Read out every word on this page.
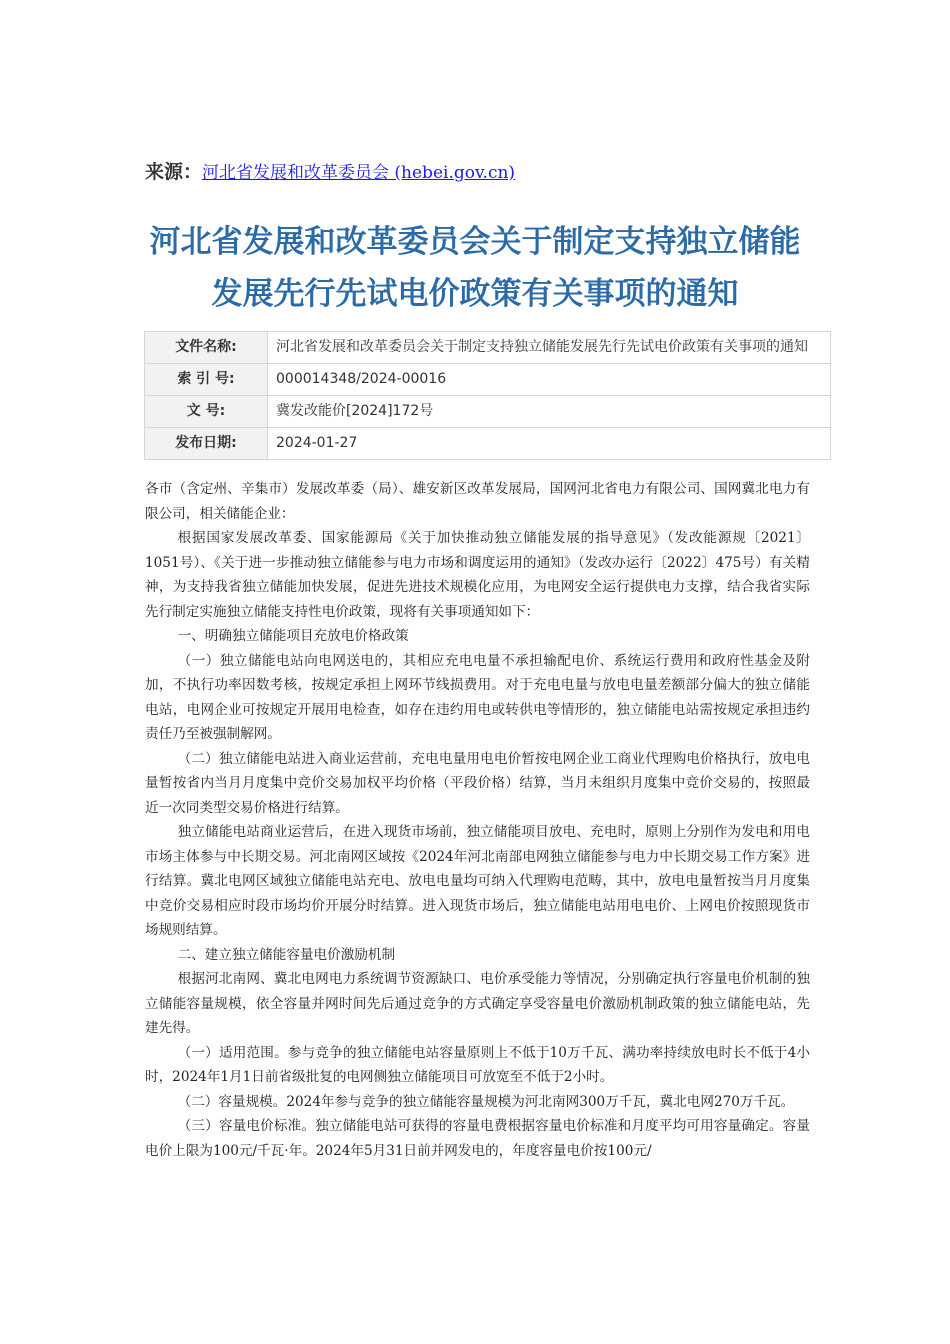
来源：河北省发展和改革委员会 (hebei.gov.cn)
河北省发展和改革委员会关于制定支持独立储能
发展先行先试电价政策有关事项的通知
文件名称:	河北省发展和改革委员会关于制定支持独立储能发展先行先试电价政策有关事项的通知
索 引 号:	000014348/2024-00016
文 号:	冀发改能价[2024]172号
发布日期:	2024-01-27

各市（含定州、辛集市）发展改革委（局）、雄安新区改革发展局，国网河北省电力有限公司、国网冀北电力有限公司，相关储能企业：

根据国家发展改革委、国家能源局《关于加快推动独立储能发展的指导意见》（发改能源规〔2021〕1051号）、《关于进一步推动独立储能参与电力市场和调度运用的通知》（发改办运行〔2022〕475号）有关精神，为支持我省独立储能加快发展，促进先进技术规模化应用，为电网安全运行提供电力支撑，结合我省实际先行制定实施独立储能支持性电价政策，现将有关事项通知如下：

一、明确独立储能项目充放电价格政策

（一）独立储能电站向电网送电的，其相应充电电量不承担输配电价、系统运行费用和政府性基金及附加，不执行功率因数考核，按规定承担上网环节线损费用。对于充电电量与放电电量差额部分偏大的独立储能电站，电网企业可按规定开展用电检查，如存在违约用电或转供电等情形的，独立储能电站需按规定承担违约责任乃至被强制解网。

（二）独立储能电站进入商业运营前，充电电量用电电价暂按电网企业工商业代理购电价格执行，放电电量暂按省内当月月度集中竞价交易加权平均价格（平段价格）结算，当月未组织月度集中竞价交易的，按照最近一次同类型交易价格进行结算。

独立储能电站商业运营后，在进入现货市场前，独立储能项目放电、充电时，原则上分别作为发电和用电市场主体参与中长期交易。河北南网区域按《2024年河北南部电网独立储能参与电力中长期交易工作方案》进行结算。冀北电网区域独立储能电站充电、放电电量均可纳入代理购电范畴，其中，放电电量暂按当月月度集中竞价交易相应时段市场均价开展分时结算。进入现货市场后，独立储能电站用电电价、上网电价按照现货市场规则结算。

二、建立独立储能容量电价激励机制

根据河北南网、冀北电网电力系统调节资源缺口、电价承受能力等情况，分别确定执行容量电价机制的独立储能容量规模，依全容量并网时间先后通过竞争的方式确定享受容量电价激励机制政策的独立储能电站，先建先得。

（一）适用范围。参与竞争的独立储能电站容量原则上不低于10万千瓦、满功率持续放电时长不低于4小时，2024年1月1日前省级批复的电网侧独立储能项目可放宽至不低于2小时。

（二）容量规模。2024年参与竞争的独立储能容量规模为河北南网300万千瓦，冀北电网270万千瓦。

（三）容量电价标准。独立储能电站可获得的容量电费根据容量电价标准和月度平均可用容量确定。容量电价上限为100元/千瓦·年。2024年5月31日前并网发电的，年度容量电价按100元/
